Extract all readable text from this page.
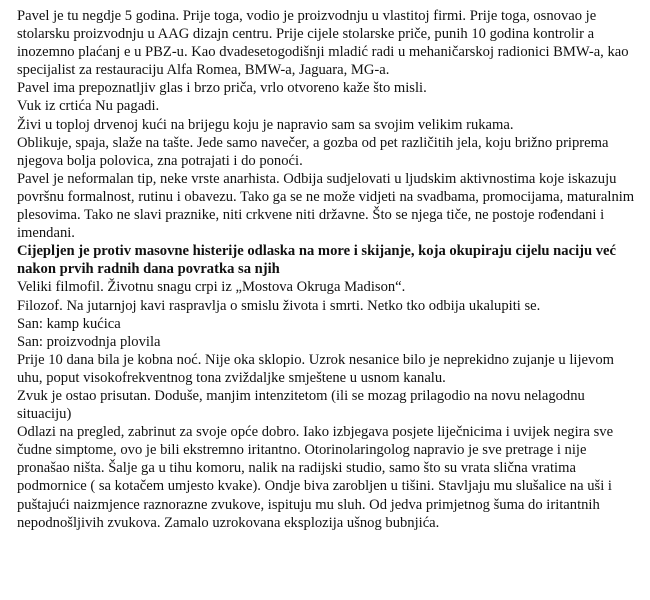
Pavel je tu negdje 5 godina. Prije toga, vodio je proizvodnju u vlastitoj firmi. Prije toga, osnovao je stolarsku proizvodnju u AAG dizajn centru. Prije cijele stolarske priče, punih 10 godina kontrolir a inozemno plaćanj e u PBZ-u. Kao dvadesetogodišnji mladić radi u mehaničarskoj radionici BMW-a, kao specijalist za restauraciju Alfa Romea, BMW-a, Jaguara, MG-a.

Pavel ima prepoznatljiv glas i brzo priča, vrlo otvoreno kaže što misli.

Vuk iz crtića Nu pagadi.

Živi u toploj drvenoj kući na brijegu koju je napravio sam sa svojim velikim rukama.

Oblikuje, spaja, slaže na tašte. Jede samo navečer, a gozba od pet različitih jela, koju brižno priprema njegova bolja polovica, zna potrajati i do ponoći.

Pavel je neformalan tip, neke vrste anarhista. Odbija sudjelovati u ljudskim aktivnostima koje iskazuju površnu formalnost, rutinu i obavezu. Tako ga se ne može vidjeti na svadbama, promocijama, maturalnim plesovima. Tako ne slavi praznike, niti crkvene niti državne. Što se njega tiče, ne postoje rođendani i imendani.

Cijepljen je protiv masovne histerije odlaska na more i skijanje, koja okupiraju cijelu naciju već nakon prvih radnih dana povratka sa njih

Veliki filmofil. Životnu snagu crpi iz „Mostova Okruga Madison“.

Filozof. Na jutarnjoj kavi raspravlja o smislu života i smrti. Netko tko odbija ukalupiti se.

San: kamp kućica

San: proizvodnja plovila

Prije 10 dana bila je kobna noć. Nije oka sklopio. Uzrok nesanice bilo je neprekidno zujanje u lijevom uhu, poput visokofrekventnog tona zviždaljke smještene u usnom kanalu.

Zvuk je ostao prisutan. Doduše, manjim intenzitetom (ili se mozag prilagodio na novu nelagodnu situaciju)

Odlazi na pregled, zabrinut za svoje opće dobro. Iako izbjegava posjete liječnicima i uvijek negira sve čudne simptome, ovo je bili ekstremno iritantno. Otorinolaringolog napravio je sve pretrage i nije pronašao ništa. Šalje ga u tihu komoru, nalik na radijski studio, samo što su vrata slična vratima podmornice ( sa kotačem umjesto kvake). Ondje biva zarobljen u tišini. Stavljaju mu slušalice na uši i puštajući naizmjence raznorazne zvukove, ispituju mu sluh. Od jedva primjetnog šuma do iritantnih nepodnošljivih zvukova. Zamalo uzrokovana eksplozija ušnog bubnjića.
